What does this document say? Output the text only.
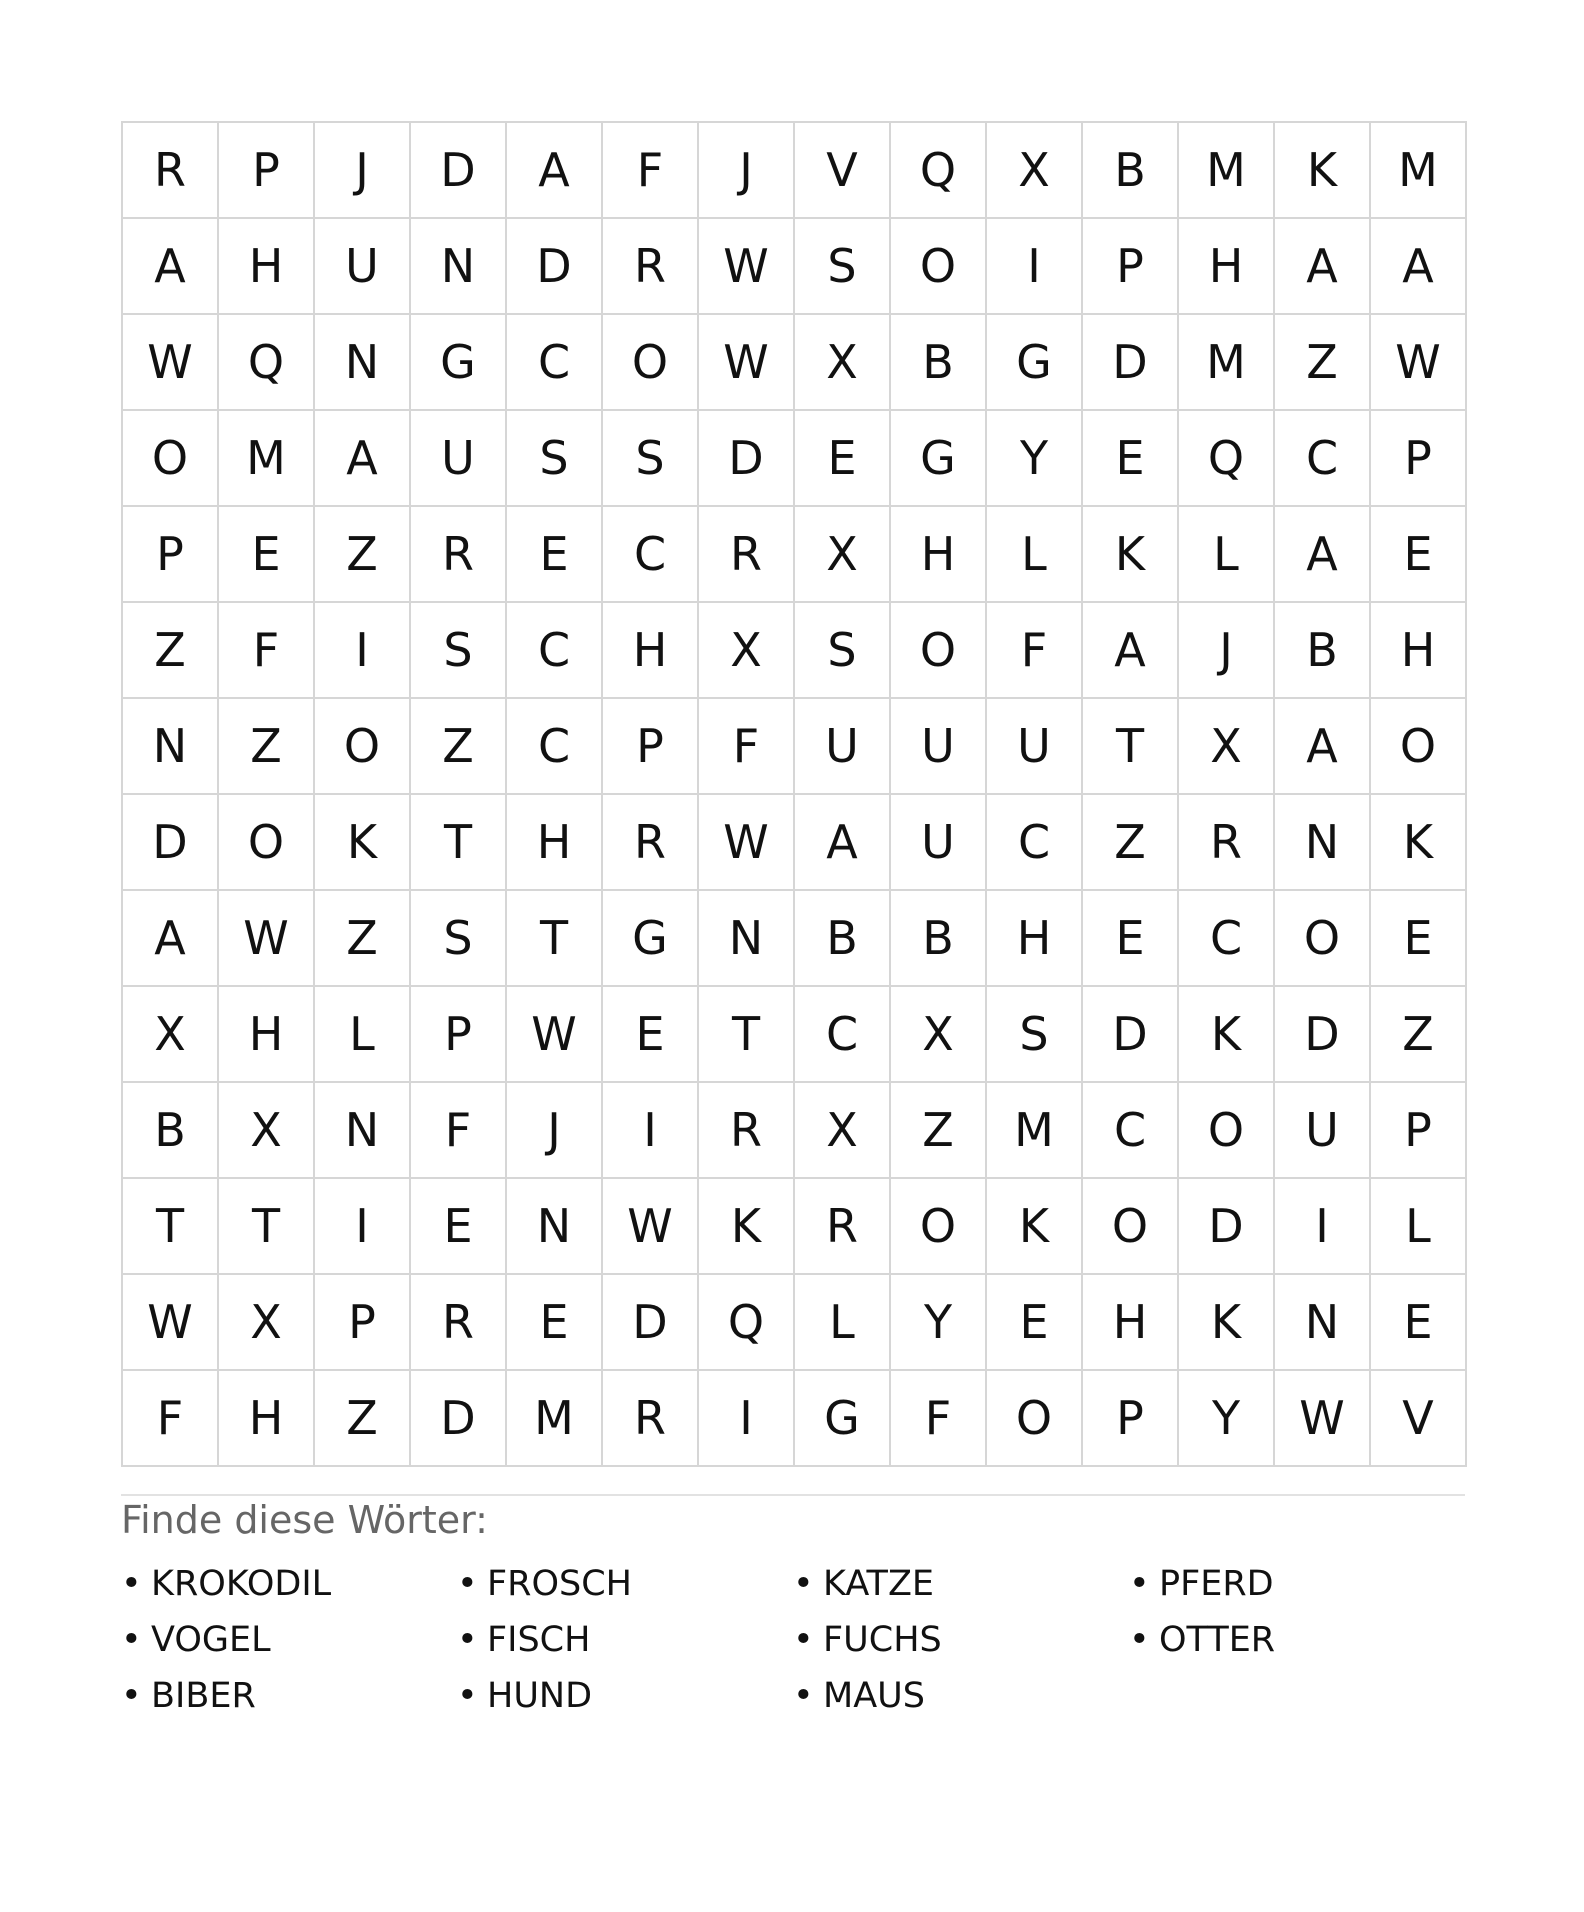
R	P	J	D	A	F	J	V	Q	X	B	M	K	M
A	H	U	N	D	R	W	S	O	I	P	H	A	A
W	Q	N	G	C	O	W	X	B	G	D	M	Z	W
O	M	A	U	S	S	D	E	G	Y	E	Q	C	P
P	E	Z	R	E	C	R	X	H	L	K	L	A	E
Z	F	I	S	C	H	X	S	O	F	A	J	B	H
N	Z	O	Z	C	P	F	U	U	U	T	X	A	O
D	O	K	T	H	R	W	A	U	C	Z	R	N	K
A	W	Z	S	T	G	N	B	B	H	E	C	O	E
X	H	L	P	W	E	T	C	X	S	D	K	D	Z
B	X	N	F	J	I	R	X	Z	M	C	O	U	P
T	T	I	E	N	W	K	R	O	K	O	D	I	L
W	X	P	R	E	D	Q	L	Y	E	H	K	N	E
F	H	Z	D	M	R	I	G	F	O	P	Y	W	V
Finde diese Wörter:
• KROKODIL	• FROSCH	• KATZE	• PFERD
• VOGEL	• FISCH	• FUCHS	• OTTER
• BIBER	• HUND	• MAUS
